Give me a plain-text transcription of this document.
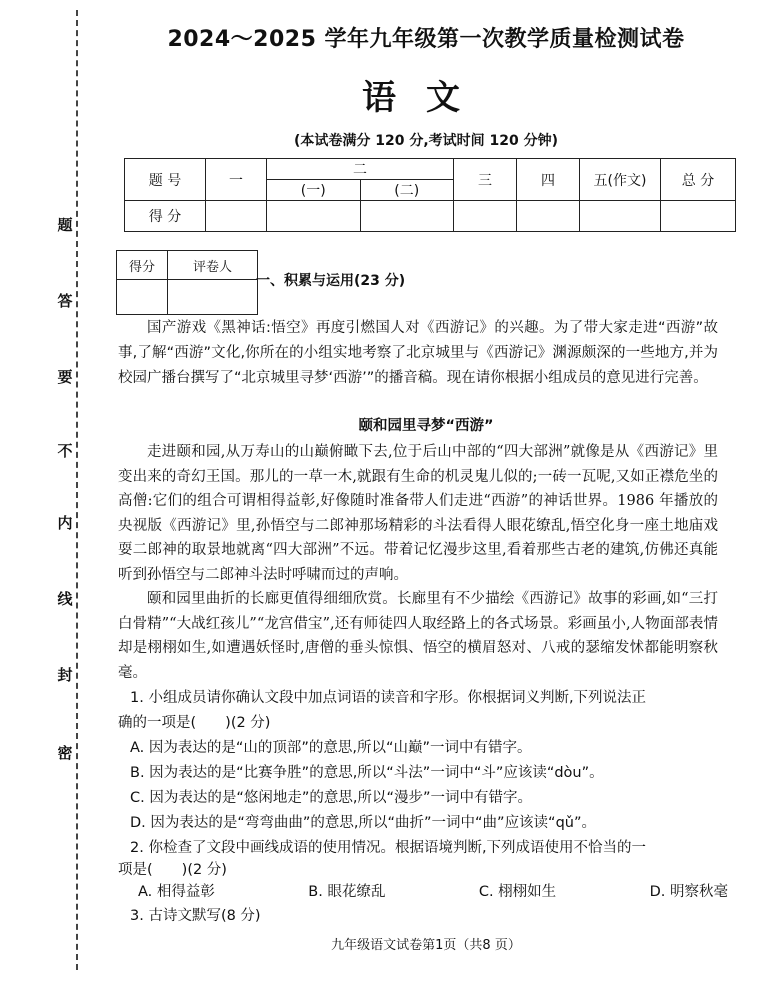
题
答
要
不
内
线
封
密
2024～2025 学年九年级第一次教学质量检测试卷
语文
(本试卷满分 120 分,考试时间 120 分钟)
题 号	一	二		三	四	五(作文)	总 分
		(一)	(二)				
得 分							
得分	评卷人

一、积累与运用(23 分)
国产游戏《黑神话:悟空》再度引燃国人对《西游记》的兴趣。为了带大家走进“西游”故事,了解“西游”文化,你所在的小组实地考察了北京城里与《西游记》渊源颇深的一些地方,并为校园广播台撰写了“北京城里寻梦‘西游’”的播音稿。现在请你根据小组成员的意见进行完善。
颐和园里寻梦“西游”
走进颐和园,从万寿山的山巅俯瞰下去,位于后山中部的“四大部洲”就像是从《西游记》里变出来的奇幻王国。那儿的一草一木,就跟有生命的机灵鬼儿似的;一砖一瓦呢,又如正襟危坐的高僧:它们的组合可谓相得益彰,好像随时准备带人们走进“西游”的神话世界。1986 年播放的央视版《西游记》里,孙悟空与二郎神那场精彩的斗法看得人眼花缭乱,悟空化身一座土地庙戏耍二郎神的取景地就离“四大部洲”不远。带着记忆漫步这里,看着那些古老的建筑,仿佛还真能听到孙悟空与二郎神斗法时呼啸而过的声响。
颐和园里曲折的长廊更值得细细欣赏。长廊里有不少描绘《西游记》故事的彩画,如“三打白骨精”“大战红孩儿”“龙宫借宝”,还有师徒四人取经路上的各式场景。彩画虽小,人物面部表情却是栩栩如生,如遭遇妖怪时,唐僧的垂头惊惧、悟空的横眉怒对、八戒的瑟缩发怵都能明察秋毫。
1. 小组成员请你确认文段中加点词语的读音和字形。你根据词义判断,下列说法正
确的一项是(　　)(2 分)
A. 因为表达的是“山的顶部”的意思,所以“山巅”一词中有错字。
B. 因为表达的是“比赛争胜”的意思,所以“斗法”一词中“斗”应该读“dòu”。
C. 因为表达的是“悠闲地走”的意思,所以“漫步”一词中有错字。
D. 因为表达的是“弯弯曲曲”的意思,所以“曲折”一词中“曲”应该读“qǔ”。
2. 你检查了文段中画线成语的使用情况。根据语境判断,下列成语使用不恰当的一
项是(　　)(2 分)
A. 相得益彰	B. 眼花缭乱	C. 栩栩如生	D. 明察秋毫
3. 古诗文默写(8 分)
九年级语文试卷第1页（共8 页）
